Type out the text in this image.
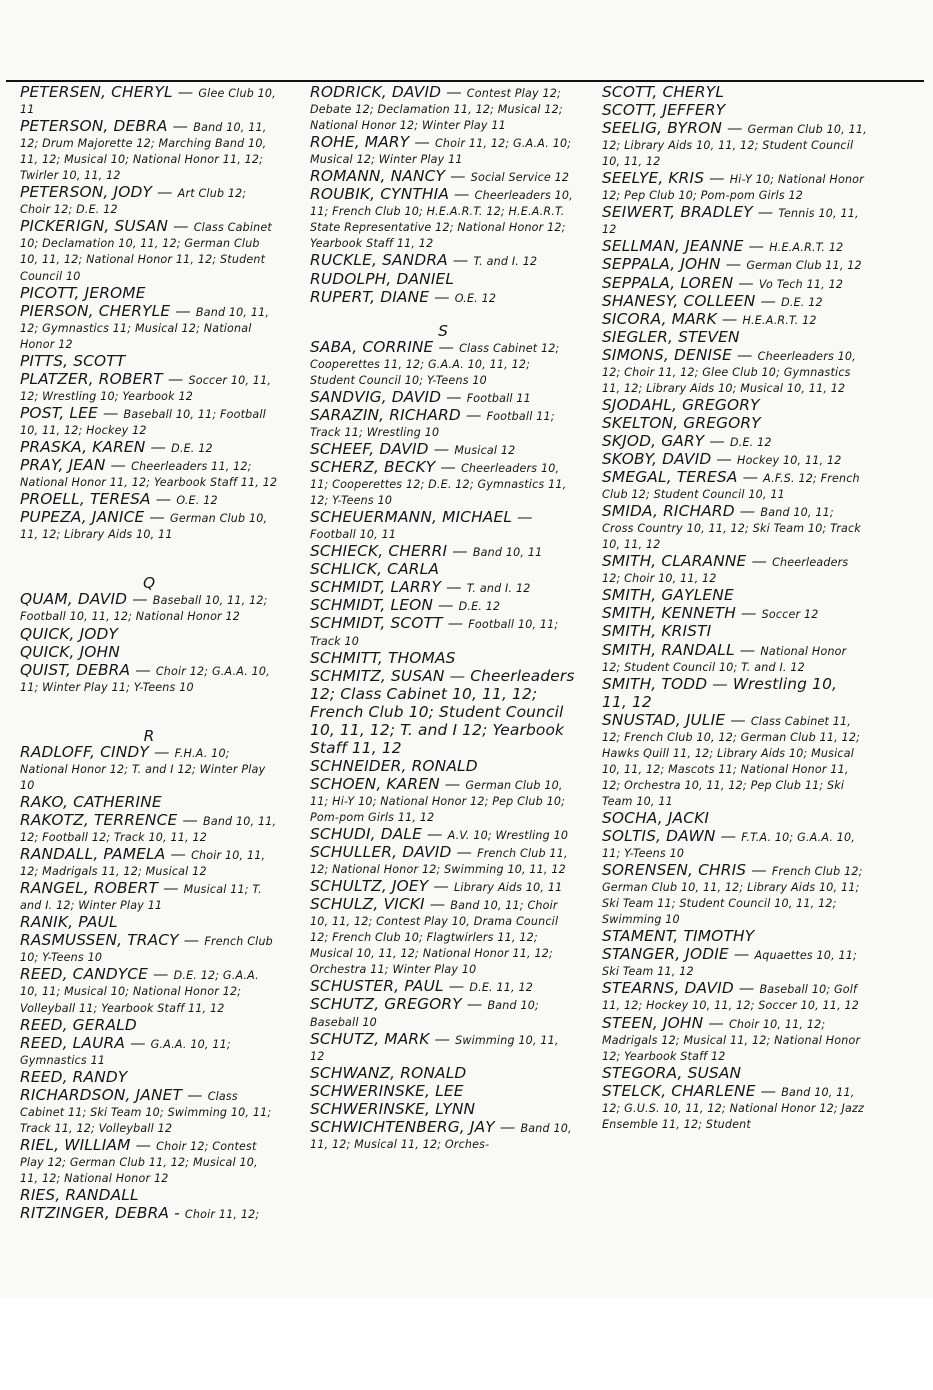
PETERSEN, CHERYL — Glee Club 10, 11

PETERSON, DEBRA — Band 10, 11, 12; Drum Majorette 12; Marching Band 10, 11, 12; Musical 10; National Honor 11, 12; Twirler 10, 11, 12

PETERSON, JODY — Art Club 12; Choir 12; D.E. 12

PICKERIGN, SUSAN — Class Cabinet 10; Declamation 10, 11, 12; German Club 10, 11, 12; National Honor 11, 12; Student Council 10

PICOTT, JEROME

PIERSON, CHERYLE — Band 10, 11, 12; Gymnastics 11; Musical 12; National Honor 12

PITTS, SCOTT

PLATZER, ROBERT — Soccer 10, 11, 12; Wrestling 10; Yearbook 12

POST, LEE — Baseball 10, 11; Football 10, 11, 12; Hockey 12

PRASKA, KAREN — D.E. 12

PRAY, JEAN — Cheerleaders 11, 12; National Honor 11, 12; Yearbook Staff 11, 12

PROELL, TERESA — O.E. 12

PUPEZA, JANICE — German Club 10, 11, 12; Library Aids 10, 11

Q

QUAM, DAVID — Baseball 10, 11, 12; Football 10, 11, 12; National Honor 12

QUICK, JODY

QUICK, JOHN

QUIST, DEBRA — Choir 12; G.A.A. 10, 11; Winter Play 11; Y-Teens 10

R

RADLOFF, CINDY — F.H.A. 10; National Honor 12; T. and I 12; Winter Play 10

RAKO, CATHERINE

RAKOTZ, TERRENCE — Band 10, 11, 12; Football 12; Track 10, 11, 12

RANDALL, PAMELA — Choir 10, 11, 12; Madrigals 11, 12; Musical 12

RANGEL, ROBERT — Musical 11; T. and I. 12; Winter Play 11

RANIK, PAUL

RASMUSSEN, TRACY — French Club 10; Y-Teens 10

REED, CANDYCE — D.E. 12; G.A.A. 10, 11; Musical 10; National Honor 12; Volleyball 11; Yearbook Staff 11, 12

REED, GERALD

REED, LAURA — G.A.A. 10, 11; Gymnastics 11

REED, RANDY

RICHARDSON, JANET — Class Cabinet 11; Ski Team 10; Swimming 10, 11; Track 11, 12; Volleyball 12

RIEL, WILLIAM — Choir 12; Contest Play 12; German Club 11, 12; Musical 10, 11, 12; National Honor 12

RIES, RANDALL

RITZINGER, DEBRA - Choir 11, 12;

RODRICK, DAVID — Contest Play 12; Debate 12; Declamation 11, 12; Musical 12; National Honor 12; Winter Play 11

ROHE, MARY — Choir 11, 12; G.A.A. 10; Musical 12; Winter Play 11

ROMANN, NANCY — Social Service 12

ROUBIK, CYNTHIA — Cheerleaders 10, 11; French Club 10; H.E.A.R.T. 12; H.E.A.R.T. State Representative 12; National Honor 12; Yearbook Staff 11, 12

RUCKLE, SANDRA — T. and I. 12

RUDOLPH, DANIEL

RUPERT, DIANE — O.E. 12

S

SABA, CORRINE — Class Cabinet 12; Cooperettes 11, 12; G.A.A. 10, 11, 12; Student Council 10; Y-Teens 10

SANDVIG, DAVID — Football 11

SARAZIN, RICHARD — Football 11; Track 11; Wrestling 10

SCHEEF, DAVID — Musical 12

SCHERZ, BECKY — Cheerleaders 10, 11; Cooperettes 12; D.E. 12; Gymnastics 11, 12; Y-Teens 10

SCHEUERMANN, MICHAEL — Football 10, 11

SCHIECK, CHERRI — Band 10, 11

SCHLICK, CARLA

SCHMIDT, LARRY — T. and I. 12

SCHMIDT, LEON — D.E. 12

SCHMIDT, SCOTT — Football 10, 11; Track 10

SCHMITT, THOMAS

SCHMITZ, SUSAN — Cheerleaders 12; Class Cabinet 10, 11, 12; French Club 10; Student Council 10, 11, 12; T. and I 12; Yearbook Staff 11, 12

SCHNEIDER, RONALD

SCHOEN, KAREN — German Club 10, 11; Hi-Y 10; National Honor 12; Pep Club 10; Pom-pom Girls 11, 12

SCHUDI, DALE — A.V. 10; Wrestling 10

SCHULLER, DAVID — French Club 11, 12; National Honor 12; Swimming 10, 11, 12

SCHULTZ, JOEY — Library Aids 10, 11

SCHULZ, VICKI — Band 10, 11; Choir 10, 11, 12; Contest Play 10, Drama Council 12; French Club 10; Flagtwirlers 11, 12; Musical 10, 11, 12; National Honor 11, 12; Orchestra 11; Winter Play 10

SCHUSTER, PAUL — D.E. 11, 12

SCHUTZ, GREGORY — Band 10; Baseball 10

SCHUTZ, MARK — Swimming 10, 11, 12

SCHWANZ, RONALD

SCHWERINSKE, LEE

SCHWERINSKE, LYNN

SCHWICHTENBERG, JAY — Band 10, 11, 12; Musical 11, 12; Orches-

SCOTT, CHERYL

SCOTT, JEFFERY

SEELIG, BYRON — German Club 10, 11, 12; Library Aids 10, 11, 12; Student Council 10, 11, 12

SEELYE, KRIS — Hi-Y 10; National Honor 12; Pep Club 10; Pom-pom Girls 12

SEIWERT, BRADLEY — Tennis 10, 11, 12

SELLMAN, JEANNE — H.E.A.R.T. 12

SEPPALA, JOHN — German Club 11, 12

SEPPALA, LOREN — Vo Tech 11, 12

SHANESY, COLLEEN — D.E. 12

SICORA, MARK — H.E.A.R.T. 12

SIEGLER, STEVEN

SIMONS, DENISE — Cheerleaders 10, 12; Choir 11, 12; Glee Club 10; Gymnastics 11, 12; Library Aids 10; Musical 10, 11, 12

SJODAHL, GREGORY

SKELTON, GREGORY

SKJOD, GARY — D.E. 12

SKOBY, DAVID — Hockey 10, 11, 12

SMEGAL, TERESA — A.F.S. 12; French Club 12; Student Council 10, 11

SMIDA, RICHARD — Band 10, 11; Cross Country 10, 11, 12; Ski Team 10; Track 10, 11, 12

SMITH, CLARANNE — Cheerleaders 12; Choir 10, 11, 12

SMITH, GAYLENE

SMITH, KENNETH — Soccer 12

SMITH, KRISTI

SMITH, RANDALL — National Honor 12; Student Council 10; T. and I. 12

SMITH, TODD — Wrestling 10, 11, 12

SNUSTAD, JULIE — Class Cabinet 11, 12; French Club 10, 12; German Club 11, 12; Hawks Quill 11, 12; Library Aids 10; Musical 10, 11, 12; Mascots 11; National Honor 11, 12; Orchestra 10, 11, 12; Pep Club 11; Ski Team 10, 11

SOCHA, JACKI

SOLTIS, DAWN — F.T.A. 10; G.A.A. 10, 11; Y-Teens 10

SORENSEN, CHRIS — French Club 12; German Club 10, 11, 12; Library Aids 10, 11; Ski Team 11; Student Council 10, 11, 12; Swimming 10

STAMENT, TIMOTHY

STANGER, JODIE — Aquaettes 10, 11; Ski Team 11, 12

STEARNS, DAVID — Baseball 10; Golf 11, 12; Hockey 10, 11, 12; Soccer 10, 11, 12

STEEN, JOHN — Choir 10, 11, 12; Madrigals 12; Musical 11, 12; National Honor 12; Yearbook Staff 12

STEGORA, SUSAN

STELCK, CHARLENE — Band 10, 11, 12; G.U.S. 10, 11, 12; National Honor 12; Jazz Ensemble 11, 12; Student
